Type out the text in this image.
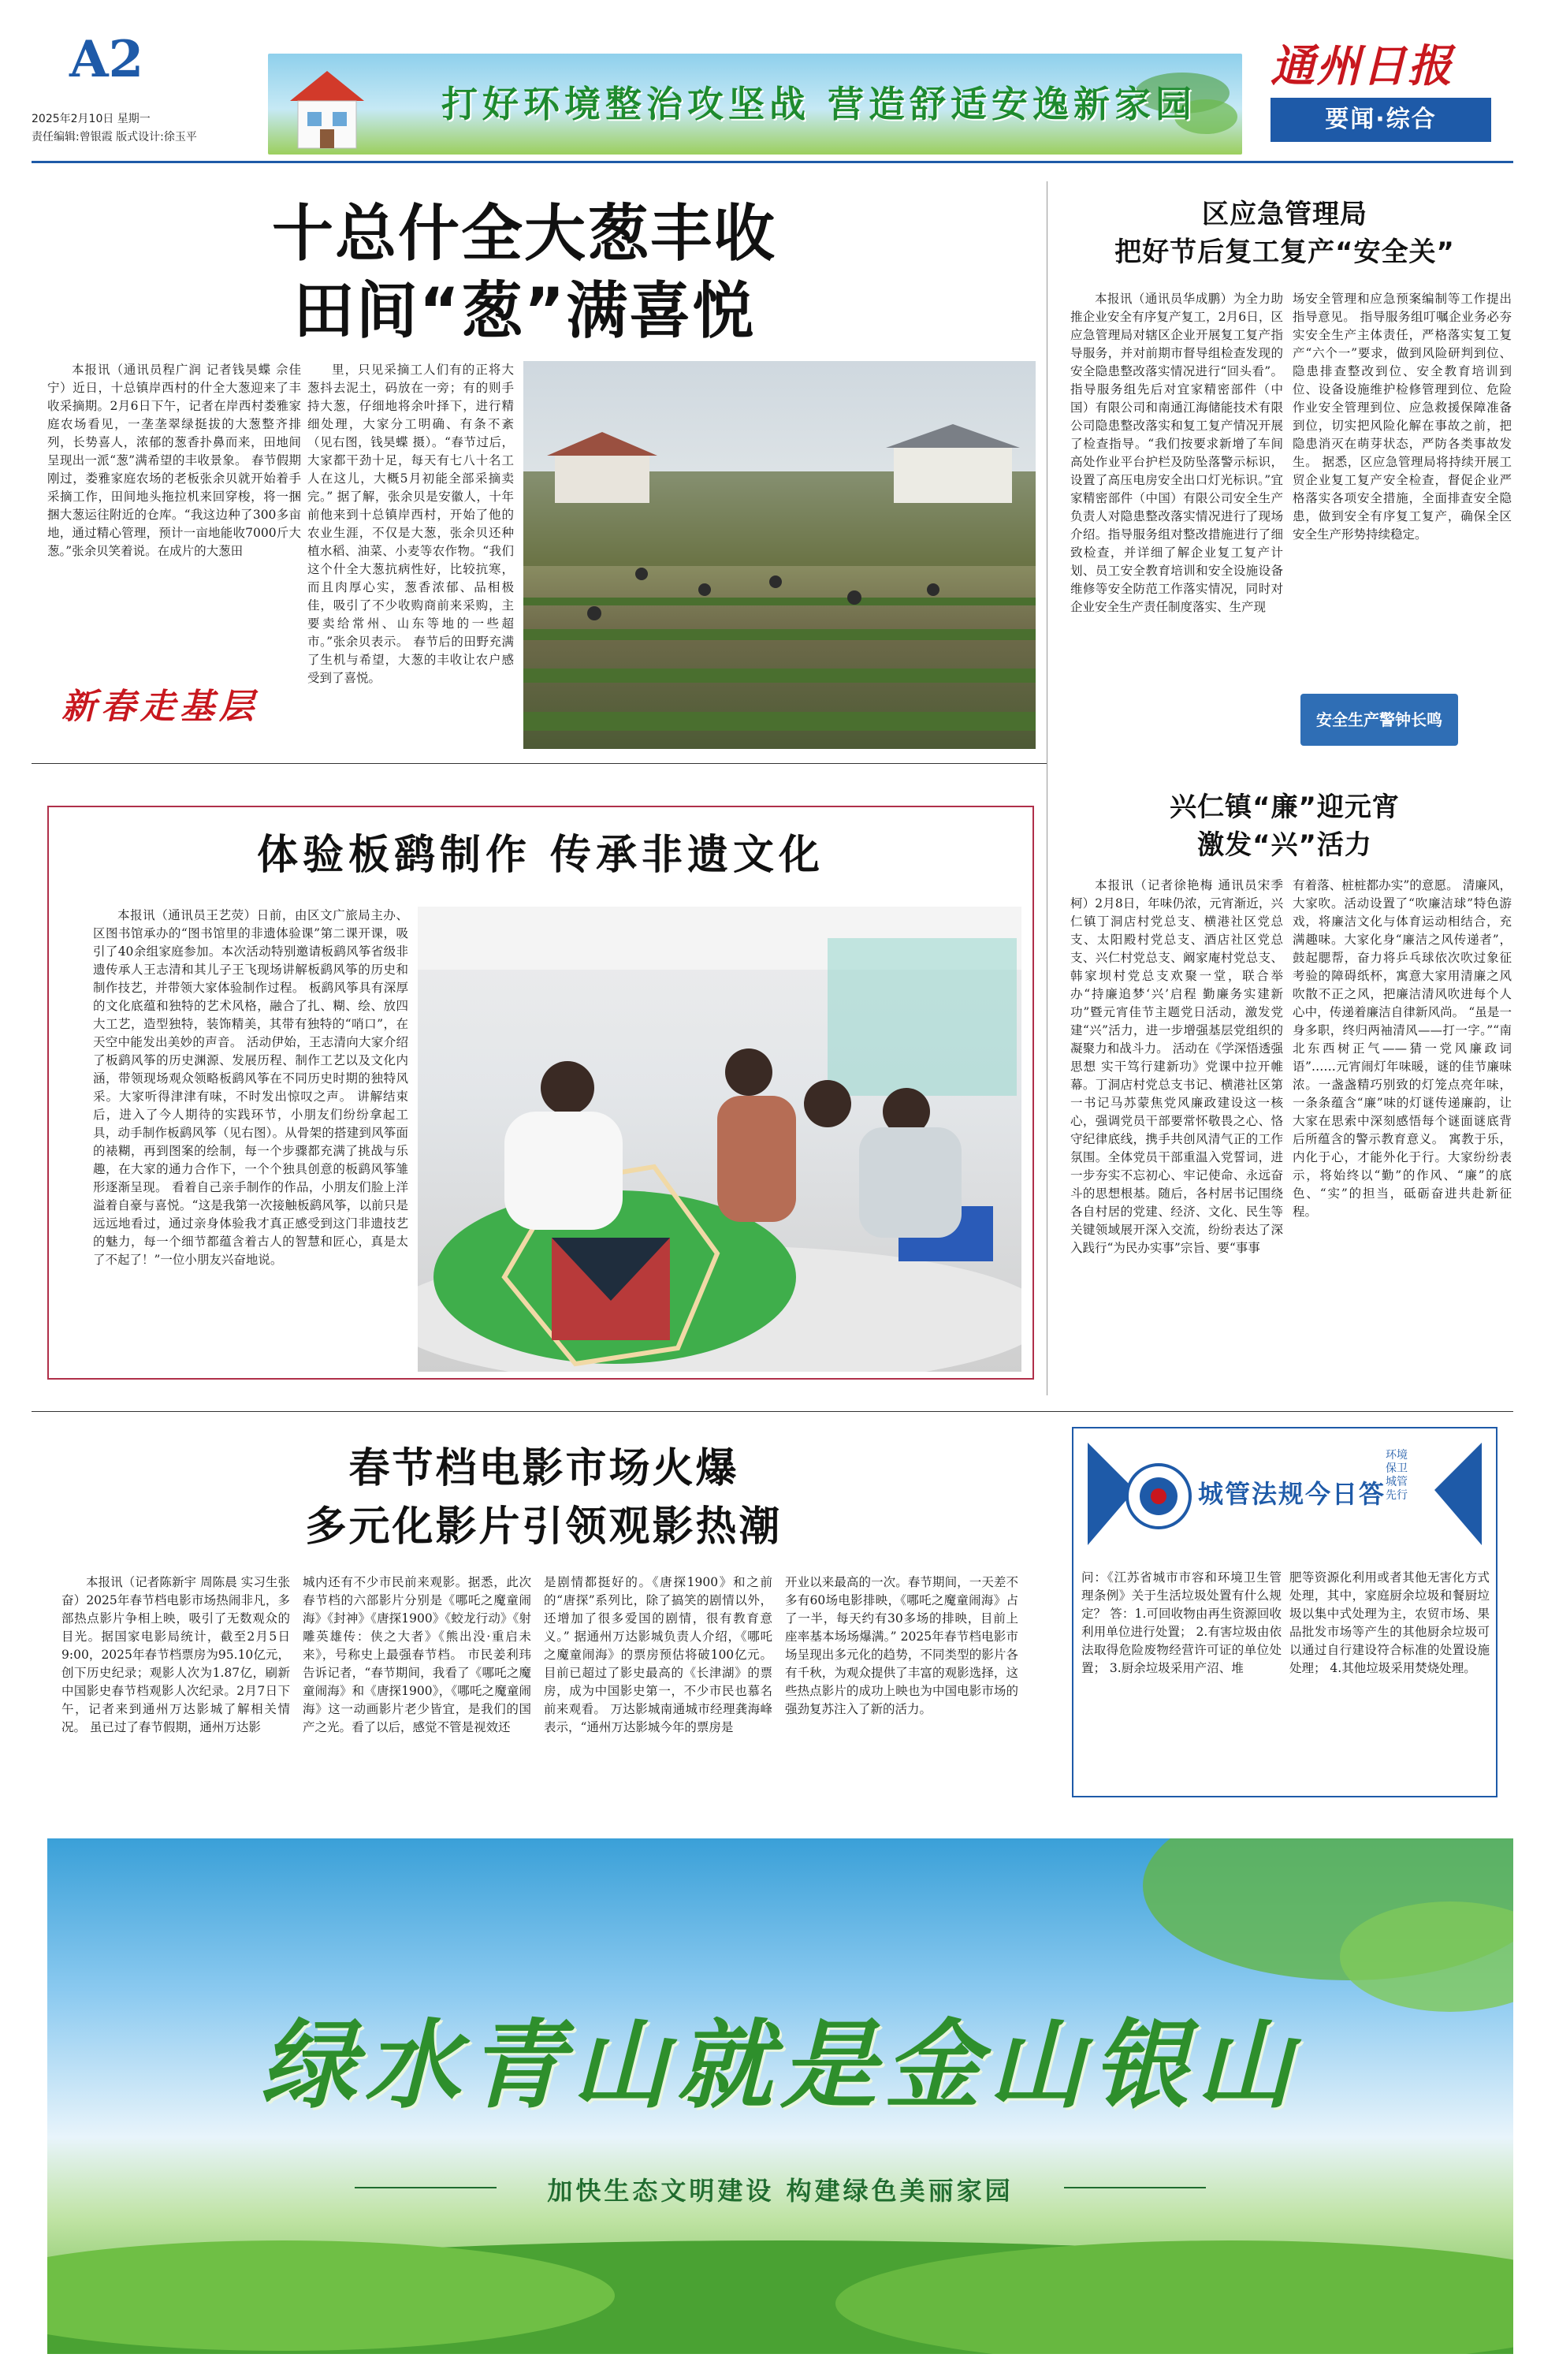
A2
2025年2月10日 星期一
责任编辑:曾银霞 版式设计:徐玉平
打好环境整治攻坚战 营造舒适安逸新家园
通州日报
要闻·综合
十总什全大葱丰收
田间“葱”满喜悦

本报讯（通讯员程广润 记者钱昊蝶 佘佳宁）近日，十总镇岸西村的什全大葱迎来了丰收采摘期。2月6日下午，记者在岸西村娄雅家庭农场看见，一垄垄翠绿挺拔的大葱整齐排列，长势喜人，浓郁的葱香扑鼻而来，田地间呈现出一派“葱”满希望的丰收景象。 春节假期刚过，娄雅家庭农场的老板张余贝就开始着手采摘工作，田间地头拖拉机来回穿梭，将一捆捆大葱运往附近的仓库。“我这边种了300多亩地，通过精心管理，预计一亩地能收7000斤大葱。”张余贝笑着说。在成片的大葱田

里，只见采摘工人们有的正将大葱抖去泥土，码放在一旁；有的则手持大葱，仔细地将余叶择下，进行精细处理，大家分工明确、有条不紊（见右图，钱昊蝶 摄）。“春节过后，大家都干劲十足，每天有七八十名工人在这儿，大概5月初能全部采摘卖完。” 据了解，张余贝是安徽人，十年前他来到十总镇岸西村，开始了他的农业生涯，不仅是大葱，张余贝还种植水稻、油菜、小麦等农作物。“我们这个什全大葱抗病性好，比较抗寒，而且肉厚心实，葱香浓郁、品相极佳，吸引了不少收购商前来采购，主要卖给常州、山东等地的一些超市。”张余贝表示。 春节后的田野充满了生机与希望，大葱的丰收让农户感受到了喜悦。

新春走基层
区应急管理局
把好节后复工复产“安全关”

本报讯（通讯员华成鹏）为全力助推企业安全有序复产复工，2月6日，区应急管理局对辖区企业开展复工复产指导服务，并对前期市督导组检查发现的安全隐患整改落实情况进行“回头看”。 指导服务组先后对宜家精密部件（中国）有限公司和南通江海储能技术有限公司隐患整改落实和复工复产情况开展了检查指导。“我们按要求新增了车间高处作业平台护栏及防坠落警示标识，设置了高压电房安全出口灯光标识。”宜家精密部件（中国）有限公司安全生产负责人对隐患整改落实情况进行了现场介绍。指导服务组对整改措施进行了细致检查，并详细了解企业复工复产计划、员工安全教育培训和安全设施设备维修等安全防范工作落实情况，同时对企业安全生产责任制度落实、生产现

场安全管理和应急预案编制等工作提出指导意见。 指导服务组叮嘱企业务必夯实安全生产主体责任，严格落实复工复产“六个一”要求，做到风险研判到位、隐患排查整改到位、安全教育培训到位、设备设施维护检修管理到位、危险作业安全管理到位、应急救援保障准备到位，切实把风险化解在事故之前，把隐患消灭在萌芽状态，严防各类事故发生。 据悉，区应急管理局将持续开展工贸企业复工复产安全检查，督促企业严格落实各项安全措施，全面排查安全隐患，做到安全有序复工复产，确保全区安全生产形势持续稳定。

安全生产警钟长鸣
体验板鹞制作 传承非遗文化

本报讯（通讯员王艺荧）日前，由区文广旅局主办、区图书馆承办的“图书馆里的非遗体验课”第二课开课，吸引了40余组家庭参加。本次活动特别邀请板鹞风筝省级非遗传承人王志清和其儿子王飞现场讲解板鹞风筝的历史和制作技艺，并带领大家体验制作过程。 板鹞风筝具有深厚的文化底蕴和独特的艺术风格，融合了扎、糊、绘、放四大工艺，造型独特，装饰精美，其带有独特的“哨口”，在天空中能发出美妙的声音。 活动伊始，王志清向大家介绍了板鹞风筝的历史渊源、发展历程、制作工艺以及文化内涵，带领现场观众领略板鹞风筝在不同历史时期的独特风采。大家听得津津有味，不时发出惊叹之声。 讲解结束后，进入了今人期待的实践环节，小朋友们纷纷拿起工具，动手制作板鹞风筝（见右图）。从骨架的搭建到风筝面的裱糊，再到图案的绘制，每一个步骤都充满了挑战与乐趣，在大家的通力合作下，一个个独具创意的板鹞风筝雏形逐渐呈现。 看着自己亲手制作的作品，小朋友们脸上洋溢着自豪与喜悦。“这是我第一次接触板鹞风筝，以前只是远远地看过，通过亲身体验我才真正感受到这门非遗技艺的魅力，每一个细节都蕴含着古人的智慧和匠心，真是太了不起了！”一位小朋友兴奋地说。

兴仁镇“廉”迎元宵
激发“兴”活力

本报讯（记者徐艳梅 通讯员宋季柯）2月8日，年味仍浓，元宵渐近，兴仁镇丁洞店村党总支、横港社区党总支、太阳殿村党总支、酒店社区党总支、兴仁村党总支、阚家庵村党总支、韩家坝村党总支欢聚一堂，联合举办“持廉追梦‘兴’启程 勤廉务实建新功”暨元宵佳节主题党日活动，激发党建“兴”活力，进一步增强基层党组织的凝聚力和战斗力。 活动在《学深悟透强思想 实干笃行建新功》党课中拉开帷幕。丁洞店村党总支书记、横港社区第一书记马苏蒙焦党风廉政建设这一核心，强调党员干部要常怀敬畏之心、恪守纪律底线，携手共创风清气正的工作氛围。全体党员干部重温入党誓词，进一步夯实不忘初心、牢记使命、永远奋斗的思想根基。随后，各村居书记围绕各自村居的党建、经济、文化、民生等关键领域展开深入交流，纷纷表达了深入践行“为民办实事”宗旨、要“事事

有着落、桩桩都办实”的意愿。 清廉风，大家吹。活动设置了“吹廉洁球”特色游戏，将廉洁文化与体育运动相结合，充满趣味。大家化身“廉洁之风传递者”，鼓起腮帮，奋力将乒乓球依次吹过象征考验的障碍纸杯，寓意大家用清廉之风吹散不正之风，把廉洁清风吹进每个人心中，传递着廉洁自律新风尚。 “虽是一身多职，终归两袖清风——打一字。”“南北东西树正气——猜一党风廉政词语”……元宵闹灯年味暖，谜的佳节廉味浓。一盏盏精巧别致的灯笼点亮年味，一条条蕴含“廉”味的灯谜传递廉韵，让大家在思索中深刻感悟每个谜面谜底背后所蕴含的警示教育意义。 寓教于乐，内化于心，才能外化于行。大家纷纷表示，将始终以“勤”的作风、“廉”的底色、“实”的担当，砥砺奋进共赴新征程。

春节档电影市场火爆
多元化影片引领观影热潮

本报讯（记者陈新宇 周陈晨 实习生张奋）2025年春节档电影市场热闹非凡，多部热点影片争相上映，吸引了无数观众的目光。据国家电影局统计，截至2月5日9:00，2025年春节档票房为95.10亿元，创下历史纪录；观影人次为1.87亿，刷新中国影史春节档观影人次纪录。2月7日下午，记者来到通州万达影城了解相关情况。 虽已过了春节假期，通州万达影

城内还有不少市民前来观影。据悉，此次春节档的六部影片分别是《哪吒之魔童闹海》《封神》《唐探1900》《蛟龙行动》《射雕英雄传：侠之大者》《熊出没·重启未来》，号称史上最强春节档。 市民姜利玮告诉记者，“春节期间，我看了《哪吒之魔童闹海》和《唐探1900》，《哪吒之魔童闹海》这一动画影片老少皆宜，是我们的国产之光。看了以后，感觉不管是视效还

是剧情都挺好的。《唐探1900》和之前的“唐探”系列比，除了搞笑的剧情以外，还增加了很多爱国的剧情，很有教育意义。” 据通州万达影城负责人介绍，《哪吒之魔童闹海》的票房预估将破100亿元。目前已超过了影史最高的《长津湖》的票房，成为中国影史第一，不少市民也慕名前来观看。 万达影城南通城市经理龚海峰表示，“通州万达影城今年的票房是

开业以来最高的一次。春节期间，一天差不多有60场电影排映，《哪吒之魔童闹海》占了一半，每天约有30多场的排映，目前上座率基本场场爆满。” 2025年春节档电影市场呈现出多元化的趋势，不同类型的影片各有千秋，为观众提供了丰富的观影选择，这些热点影片的成功上映也为中国电影市场的强劲复苏注入了新的活力。

城管法规今日答
环境保卫 城管先行

问：《江苏省城市市容和环境卫生管理条例》关于生活垃圾处置有什么规定？ 答：1.可回收物由再生资源回收利用单位进行处置； 2.有害垃圾由依法取得危险废物经营许可证的单位处置； 3.厨余垃圾采用产沼、堆

肥等资源化利用或者其他无害化方式处理，其中，家庭厨余垃圾和餐厨垃圾以集中式处理为主，农贸市场、果品批发市场等产生的其他厨余垃圾可以通过自行建设符合标准的处置设施处理； 4.其他垃圾采用焚烧处理。

绿水青山就是金山银山
加快生态文明建设 构建绿色美丽家园
